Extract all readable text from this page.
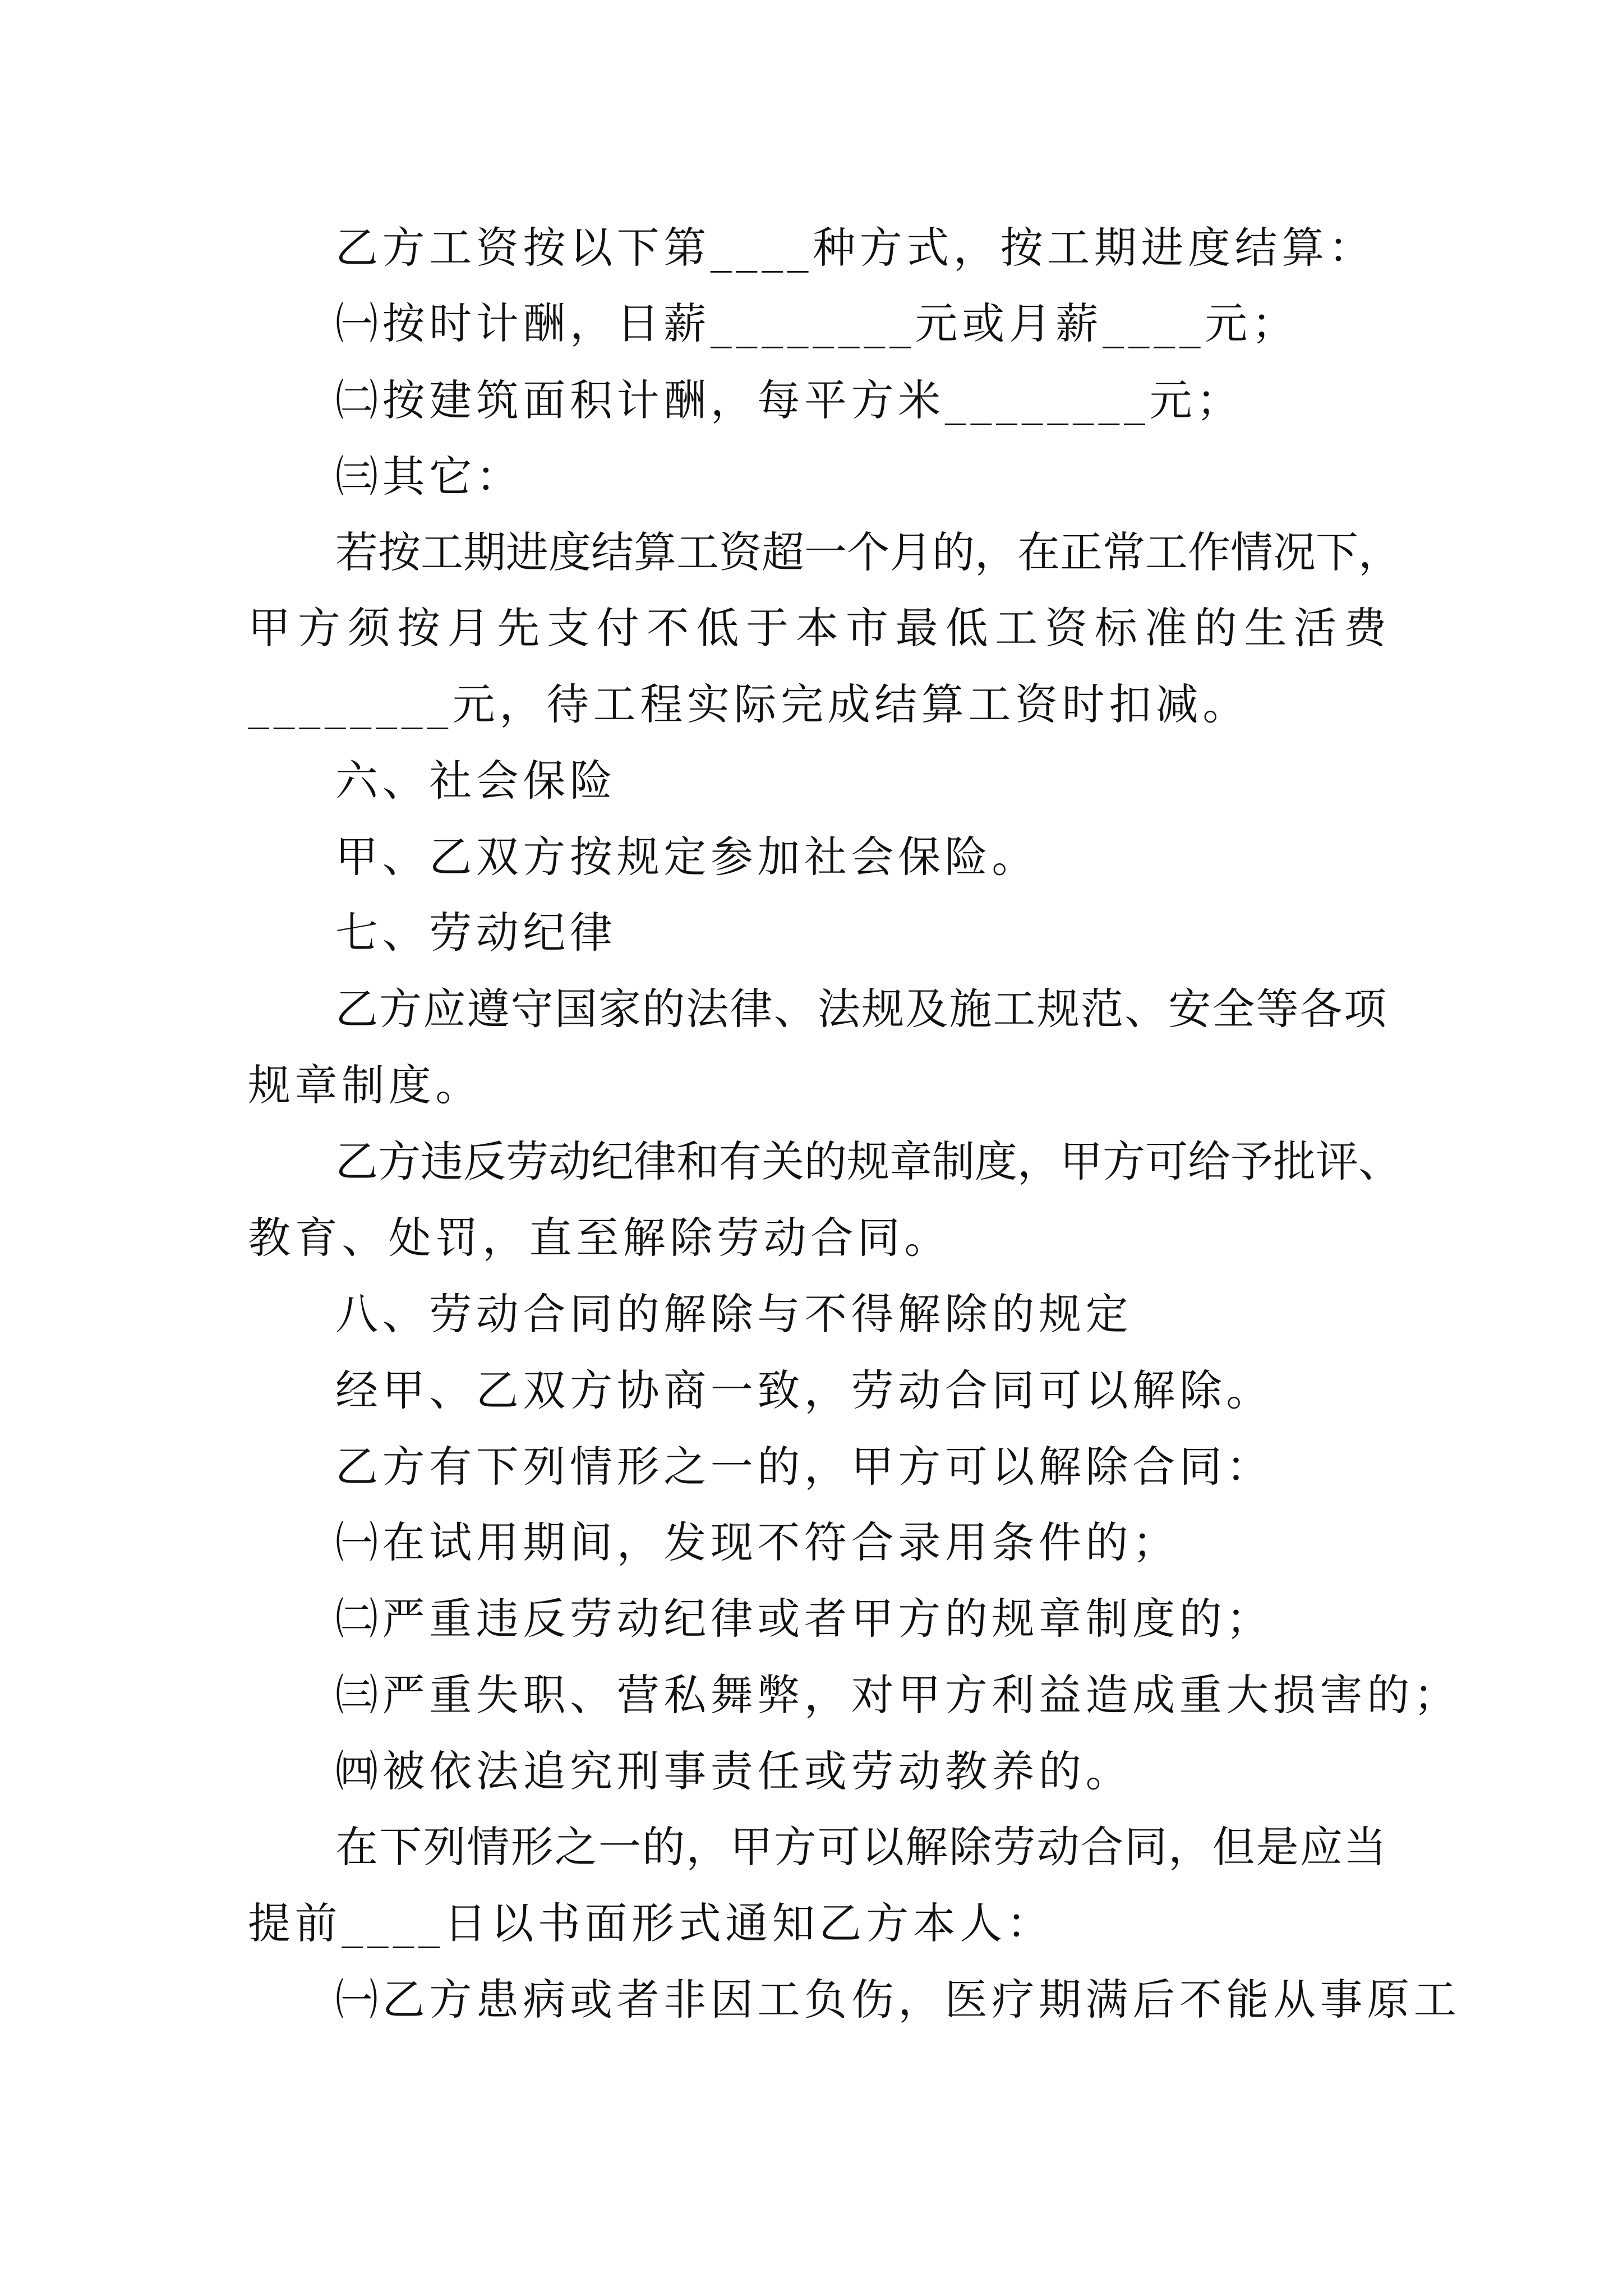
乙方工资按以下第____种方式，按工期进度结算：
㈠按时计酬，日薪________元或月薪____元；
㈡按建筑面积计酬，每平方米________元；
㈢其它：
若按工期进度结算工资超一个月的，在正常工作情况下，
甲方须按月先支付不低于本市最低工资标准的生活费
________元，待工程实际完成结算工资时扣减。
六、社会保险
甲、乙双方按规定参加社会保险。
七、劳动纪律
乙方应遵守国家的法律、法规及施工规范、安全等各项
规章制度。
乙方违反劳动纪律和有关的规章制度，甲方可给予批评、
教育、处罚，直至解除劳动合同。
八、劳动合同的解除与不得解除的规定
经甲、乙双方协商一致，劳动合同可以解除。
乙方有下列情形之一的，甲方可以解除合同：
㈠在试用期间，发现不符合录用条件的；
㈡严重违反劳动纪律或者甲方的规章制度的；
㈢严重失职、营私舞弊，对甲方利益造成重大损害的；
㈣被依法追究刑事责任或劳动教养的。
在下列情形之一的，甲方可以解除劳动合同，但是应当
提前____日以书面形式通知乙方本人：
㈠乙方患病或者非因工负伤，医疗期满后不能从事原工
